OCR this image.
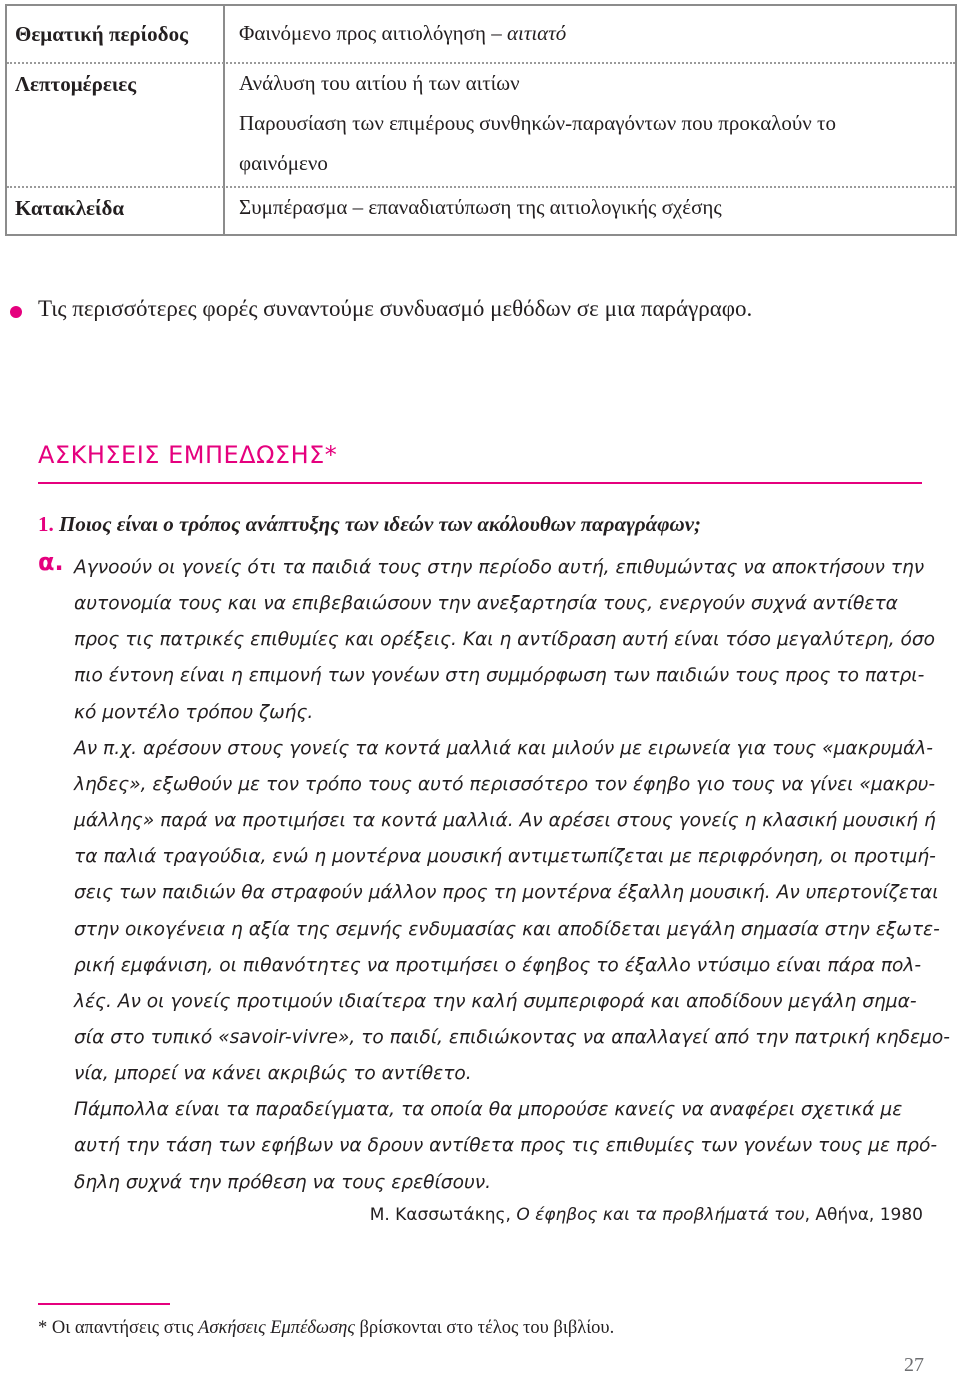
Θεματική περίοδος Φαινόμενο προς αιτιολόγηση – αιτιατό
Λεπτομέρειες	Ανάλυση του αιτίου ή των αιτίων
Παρουσίαση των επιμέρους συνθηκών-παραγόντων που προκαλούν το
φαινόμενο
Κατακλείδα	Συμπέρασμα – επαναδιατύπωση της αιτιολογικής σχέσης
Τις περισσότερες φορές συναντούμε συνδυασμό μεθόδων σε μια παράγραφο.
ΑΣΚΗΣΕΙΣ ΕΜΠΕΔΩΣΗΣ*
1. Ποιος είναι ο τρόπος ανάπτυξης των ιδεών των ακόλουθων παραγράφων;
α. Αγνοούν οι γονείς ότι τα παιδιά τους στην περίοδο αυτή, επιθυμώντας να αποκτήσουν την
αυτονομία τους και να επιβεβαιώσουν την ανεξαρτησία τους, ενεργούν συχνά αντίθετα
προς τις πατρικές επιθυμίες και ορέξεις. Και η αντίδραση αυτή είναι τόσο μεγαλύτερη, όσο
πιο έντονη είναι η επιμονή των γονέων στη συμμόρφωση των παιδιών τους προς το πατρι-
κό μοντέλο τρόπου ζωής.
Αν π.χ. αρέσουν στους γονείς τα κοντά μαλλιά και μιλούν με ειρωνεία για τους «μακρυμάλ-
ληδες», εξωθούν με τον τρόπο τους αυτό περισσότερο τον έφηβο γιο τους να γίνει «μακρυ-
μάλλης» παρά να προτιμήσει τα κοντά μαλλιά. Αν αρέσει στους γονείς η κλασική μουσική ή
τα παλιά τραγούδια, ενώ η μοντέρνα μουσική αντιμετωπίζεται με περιφρόνηση, οι προτιμή-
σεις των παιδιών θα στραφούν μάλλον προς τη μοντέρνα έξαλλη μουσική. Αν υπερτονίζεται
στην οικογένεια η αξία της σεμνής ενδυμασίας και αποδίδεται μεγάλη σημασία στην εξωτε-
ρική εμφάνιση, οι πιθανότητες να προτιμήσει ο έφηβος το έξαλλο ντύσιμο είναι πάρα πολ-
λές. Αν οι γονείς προτιμούν ιδιαίτερα την καλή συμπεριφορά και αποδίδουν μεγάλη σημα-
σία στο τυπικό «savoir-vivre», το παιδί, επιδιώκοντας να απαλλαγεί από την πατρική κηδεμο-
νία, μπορεί να κάνει ακριβώς το αντίθετο.
Πάμπολλα είναι τα παραδείγματα, τα οποία θα μπορούσε κανείς να αναφέρει σχετικά με
αυτή την τάση των εφήβων να δρουν αντίθετα προς τις επιθυμίες των γονέων τους με πρό-
δηλη συχνά την πρόθεση να τους ερεθίσουν.
Μ. Κασσωτάκης, Ο έφηβος και τα προβλήματά του, Αθήνα, 1980
* Οι απαντήσεις στις Ασκήσεις Εμπέδωσης βρίσκονται στο τέλος του βιβλίου.
27
